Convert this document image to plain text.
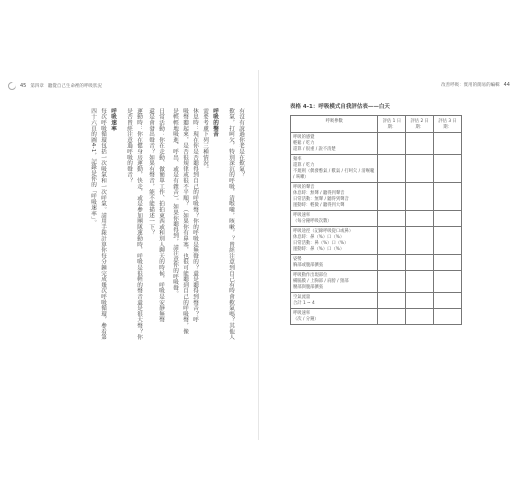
45 第四章 聽覺自己生命裡的呼吸狀況
有沒有說過你老是在歎氣？
歎氣，打呵欠，特別深沉的呼吸，清喉嚨，咳嗽，？曾經注意到自己有時會歎氣嗎？其他人
呼吸的聲音
需要考慮下列三種情況。
休息時：現在你是否聽得到自己的呼吸聲？你的呼吸是無聲的？還是聽得到聲音？呼
吸聲聽起來，是否很規律或很不平順？（如果你有鼻塞，也很可能聽到自己的呼吸聲，像
是輕輕地吸進、呼出、或是有雜音）。如果你聽得到，請注意你的呼吸聲。
日常活動：你在走動、做簡單工作、拍拍東西或和別人聊天的時候，呼吸是安靜無聲
還是會發出聲音？如果有聲音，能不能描述一下？
運動時：你在健身房運動，快走，或是參加團隊運動時，呼吸是很輕的聲音還是很大聲？你
是否曾經注意過呼吸的聲音？
呼吸速率
每次呼吸循環包括一次吸氣和一次呼氣。請用手錶計算你每分鐘完成幾次呼吸循環，參看第
四十六頁的圖4-1，記錄是你的「呼吸速率」。
改善呼吸：實用的簡易的編輯 44
表格 4-1：呼吸模式自我評估表——白天
呼吸參數	評估 1 日期：	評估 2 日期：	評估 3 日期：

呼吸的感覺
輕鬆 / 吃力
還算 / 很重 / 說不清楚			

頻率
還算 / 吃力
不規則（偶發憋氣 / 歎氣 / 打呵欠 / 清喉嚨 / 咳嗽）			

呼吸的聲音
休息時：無聲 / 聽得到聲音
日常活動：無聲 / 聽得到聲音
運動時：輕微 / 聽得到大聲			

呼吸速率
（每分鐘呼吸次數）			

呼吸途徑（記錄呼吸從口或鼻）
休息時：鼻（%）口（%）
日常活動：鼻（%）口（%）
運動時：鼻（%）口（%）			

姿勢
胸部或腹部擴張			

呼吸動作出現部位
橫膈膜 / 上胸部 / 肩膀 / 頸部
腰部與腹部擴張			

空氣流量
合計 1 ~ 4			

呼吸速率
（次 / 分鐘）			
